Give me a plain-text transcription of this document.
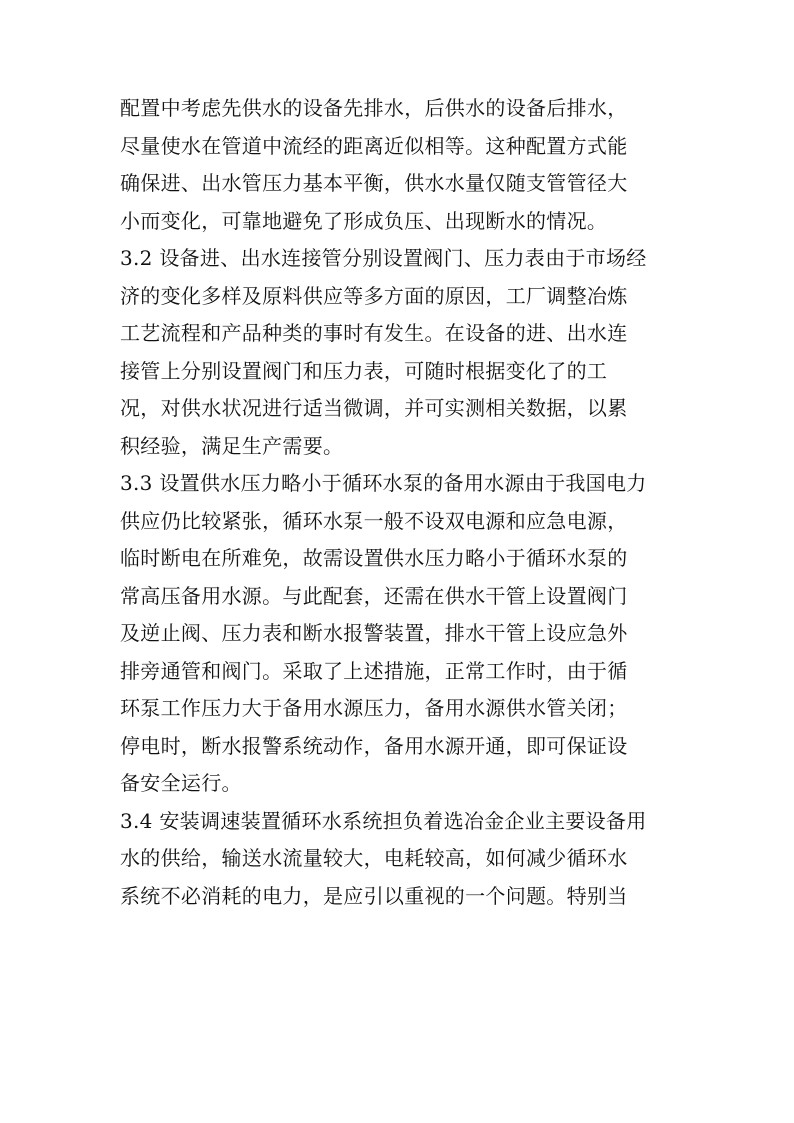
配置中考虑先供水的设备先排水，后供水的设备后排水，
尽量使水在管道中流经的距离近似相等。这种配置方式能
确保进、出水管压力基本平衡，供水水量仅随支管管径大
小而变化，可靠地避免了形成负压、出现断水的情况。
3.2 设备进、出水连接管分别设置阀门、压力表由于市场经
济的变化多样及原料供应等多方面的原因，工厂调整冶炼
工艺流程和产品种类的事时有发生。在设备的进、出水连
接管上分别设置阀门和压力表，可随时根据变化了的工
况，对供水状况进行适当微调，并可实测相关数据，以累
积经验，满足生产需要。
3.3 设置供水压力略小于循环水泵的备用水源由于我国电力
供应仍比较紧张，循环水泵一般不设双电源和应急电源，
临时断电在所难免，故需设置供水压力略小于循环水泵的
常高压备用水源。与此配套，还需在供水干管上设置阀门
及逆止阀、压力表和断水报警装置，排水干管上设应急外
排旁通管和阀门。采取了上述措施，正常工作时，由于循
环泵工作压力大于备用水源压力，备用水源供水管关闭；
停电时，断水报警系统动作，备用水源开通，即可保证设
备安全运行。
3.4 安装调速装置循环水系统担负着选冶金企业主要设备用
水的供给，输送水流量较大，电耗较高，如何减少循环水
系统不必消耗的电力，是应引以重视的一个问题。特别当
